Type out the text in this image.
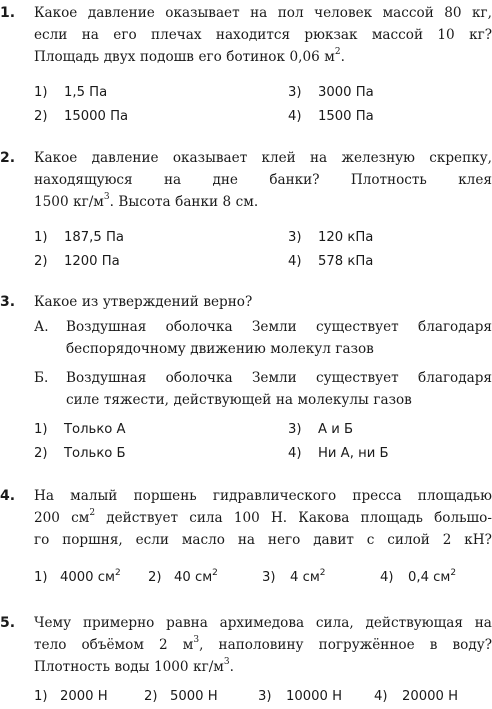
1. Какое давление оказывает на пол человек массой 80 кг,
если на его плечах находится рюкзак массой 10 кг?
Площадь двух подошв его ботинок 0,06 $м^2$.
1) 1,5 Па	3) 3000 Па
2) 15000 Па	4) 1500 Па
2. Какое давление оказывает клей на железную скрепку,
находящуюся на дне банки? Плотность клея
1500 $кг/м^3$. Высота банки 8 см.
1) 187,5 Па	3) 120 кПа
2) 1200 Па	4) 578 кПа
3. Какое из утверждений верно?
А.	Воздушная оболочка Земли существует благодаря
беспорядочному движению молекул газов
Б.	Воздушная оболочка Земли существует благодаря
силе тяжести, действующей на молекулы газов
1) Только А	3) А и Б
2) Только Б	4) Ни А, ни Б
4. На малый поршень гидравлического пресса площадью
200 $см^2$ действует сила 100 Н. Какова площадь большо-
го поршня, если масло на него давит с силой 2 кН?
1) 4000 $см^2$ 2) 40 $см^2$	3) 4 $см^2$	4) 0,4 $см^2$
5. Чему примерно равна архимедова сила, действующая на
тело объёмом 2 $м^3$, наполовину погружённое в воду?
Плотность воды 1000 $кг/м^3$.
1) 2000 Н	2) 5000 Н	3) 10000 Н 4) 20000 Н
